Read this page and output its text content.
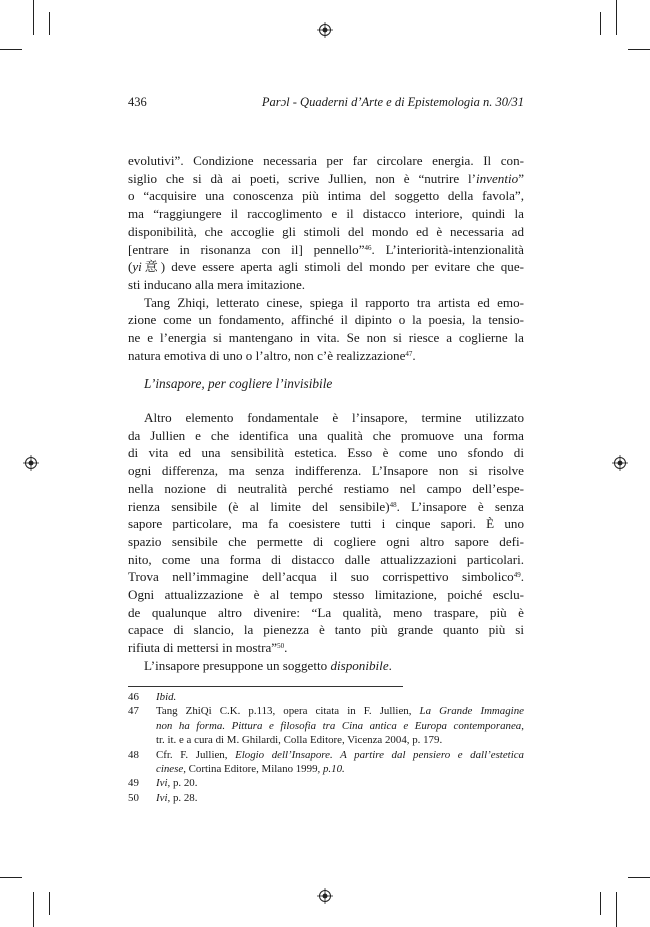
436	Parɔl - Quaderni d’Arte e di Epistemologia n. 30/31
evolutivi”. Condizione necessaria per far circolare energia. Il con-
siglio che si dà ai poeti, scrive Jullien, non è “nutrire l’inventio”
o “acquisire una conoscenza più intima del soggetto della favola”,
ma “raggiungere il raccoglimento e il distacco interiore, quindi la
disponibilità, che accoglie gli stimoli del mondo ed è necessaria ad
[entrare in risonanza con il] pennello”$^{46}$. L’interiorità-intenzionalità
(yi意) deve essere aperta agli stimoli del mondo per evitare che que-
sti inducano alla mera imitazione.
Tang Zhiqi, letterato cinese, spiega il rapporto tra artista ed emo-
zione come un fondamento, affinché il dipinto o la poesia, la tensio-
ne e l’energia si mantengano in vita. Se non si riesce a coglierne la
natura emotiva di uno o l’altro, non c’è realizzazione$^{47}$.
L’insapore, per cogliere l’invisibile
Altro elemento fondamentale è l’insapore, termine utilizzato
da Jullien e che identifica una qualità che promuove una forma
di vita ed una sensibilità estetica. Esso è come uno sfondo di
ogni differenza, ma senza indifferenza. L’Insapore non si risolve
nella nozione di neutralità perché restiamo nel campo dell’espe-
rienza sensibile (è al limite del sensibile)$^{48}$. L’insapore è senza
sapore particolare, ma fa coesistere tutti i cinque sapori. È uno
spazio sensibile che permette di cogliere ogni altro sapore defi-
nito, come una forma di distacco dalle attualizzazioni particolari.
Trova nell’immagine dell’acqua il suo corrispettivo simbolico$^{49}$.
Ogni attualizzazione è al tempo stesso limitazione, poiché esclu-
de qualunque altro divenire: “La qualità, meno traspare, più è
capace di slancio, la pienezza è tanto più grande quanto più si
rifiuta di mettersi in mostra”$^{50}$.
L’insapore presuppone un soggetto disponibile.
46 Ibid.
47 Tang ZhiQi C.K. p.113, opera citata in F. Jullien, La Grande Immagine
non ha forma. Pittura e filosofia tra Cina antica e Europa contemporanea,
tr. it. e a cura di M. Ghilardi, Colla Editore, Vicenza 2004, p. 179.
48 Cfr. F. Jullien, Elogio dell’Insapore. A partire dal pensiero e dall’estetica
cinese, Cortina Editore, Milano 1999, p.10.
49 Ivi, p. 20.
50 Ivi, p. 28.
